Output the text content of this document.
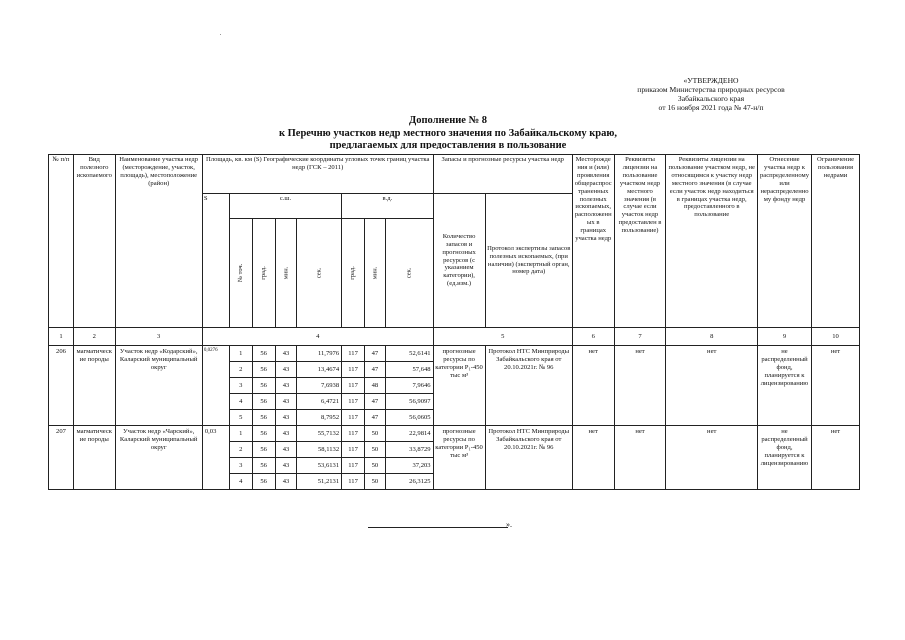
«УТВЕРЖДЕНО
приказом Министерства природных ресурсов
Забайкальского края
от 16 ноября 2021 года № 47-н/п
Дополнение № 8
к Перечню участков недр местного значения по Забайкальскому краю,
предлагаемых для предоставления в пользование
№ п/п	Вид полезного ископаемого	Наименование участка недр (месторождение, участок, площадь), местоположение (район)	Площадь, кв. км (S) Географические координаты угловых точек границ участка недр (ГСК – 2011)								Запасы и прогнозные ресурсы участка недр		Месторождения и (или) проявления общераспространенных полезных ископаемых, расположенных в границах участка недр	Реквизиты лицензии на пользование участком недр местного значения (в случае если участок недр предоставлен в пользование)	Реквизиты лицензии на пользование участком недр, не относящимся к участку недр местного значения (в случае если участок недр находиться в границах участка недр, предоставленного в пользование	Отнесение участка недр к распределенному или нераспределенному фонду недр	Ограничение пользования недрами
			S	с.ш.				в.д.			Количество запасов и прогнозных ресурсов (с указанием категории), (ед.изм.)	Протокол экспертизы запасов полезных ископаемых, (при наличии) (экспертный орган, номер дата)					
				№ точ.	град.	мин.	сек.	град.	мин.	сек.							
1	2	3	4								5		6	7	8	9	10
206	магматические породы	Участок недр «Кодарский», Каларский муниципальный округ	0,0276	1	56	43	11,7976	117	47	52,6141	прогнозные ресурсы по категории P₁-450 тыс м³	Протокол НТС Минприроды Забайкальского края от 20.10.2021г. № 96	нет	нет	нет	не распределенный фонд, планируется к лицензированию	нет
				2	56	43	13,4674	117	47	57,648							
				3	56	43	7,6938	117	48	7,9646							
				4	56	43	6,4721	117	47	56,9097							
				5	56	43	8,7952	117	47	56,0605							
207	магматические породы	Участок недр «Чарский», Каларский муниципальный округ	0,03	1	56	43	55,7132	117	50	22,9814	прогнозные ресурсы по категории P₁-450 тыс м³	Протокол НТС Минприроды Забайкальского края от 20.10.2021г. № 96	нет	нет	нет	не распределенный фонд, планируется к лицензированию	нет
				2	56	43	58,1132	117	50	33,8729							
				3	56	43	53,6131	117	50	37,203							
				4	56	43	51,2131	117	50	26,3125							
».
